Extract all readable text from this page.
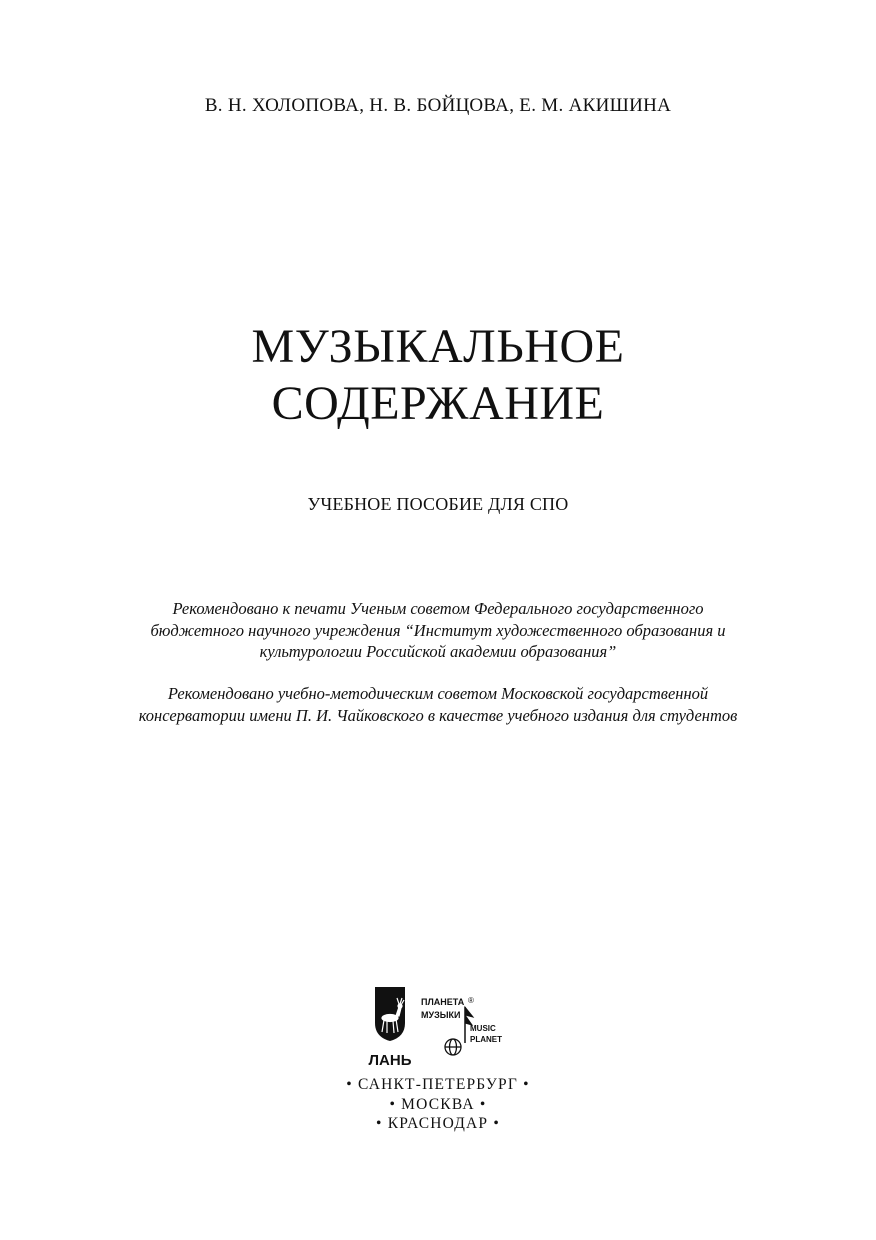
В. Н. ХОЛОПОВА, Н. В. БОЙЦОВА, Е. М. АКИШИНА
МУЗЫКАЛЬНОЕ
СОДЕРЖАНИЕ
УЧЕБНОЕ ПОСОБИЕ ДЛЯ СПО
Рекомендовано к печати Ученым советом Федерального государственного
бюджетного научного учреждения “Институт художественного образования и
культурологии Российской академии образования”
Рекомендовано учебно-методическим советом Московской государственной
консерватории имени П. И. Чайковского в качестве учебного издания для студентов
ЛАНЬ
ПЛАНЕТА
МУЗЫКИ
®
MUSIC
PLANET
• САНКТ-ПЕТЕРБУРГ •
• МОСКВА •
• КРАСНОДАР •
